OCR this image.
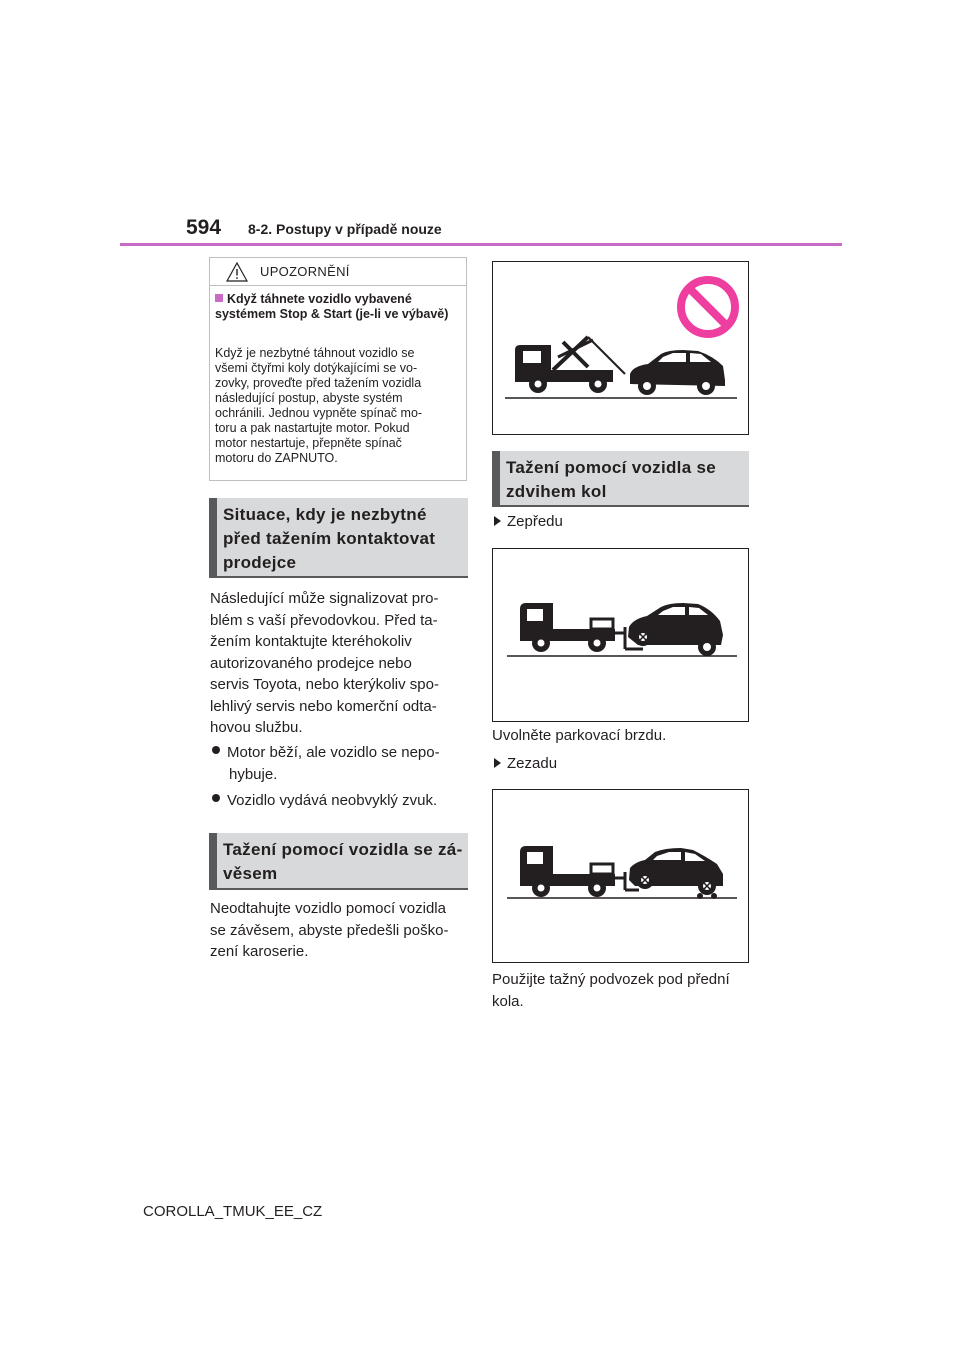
594 8-2. Postupy v případě nouze
UPOZORNĚNÍ
Když táhnete vozidlo vybavené systémem Stop & Start (je-li ve výbavě)
Když je nezbytné táhnout vozidlo se
všemi čtyřmi koly dotýkajícími se vo-
zovky, proveďte před tažením vozidla
následující postup, abyste systém
ochránili. Jednou vypněte spínač mo-
toru a pak nastartujte motor. Pokud
motor nestartuje, přepněte spínač
motoru do ZAPNUTO.
Situace, kdy je nezbytné
před tažením kontaktovat
prodejce
Následující může signalizovat pro-
blém s vaší převodovkou. Před ta-
žením kontaktujte kteréhokoliv
autorizovaného prodejce nebo
servis Toyota, nebo kterýkoliv spo-
lehlivý servis nebo komerční odta-
hovou službu.
Motor běží, ale vozidlo se nepo-
hybuje.
Vozidlo vydává neobvyklý zvuk.
Tažení pomocí vozidla se zá-
věsem
Neodtahujte vozidlo pomocí vozidla
se závěsem, abyste předešli poško-
zení karoserie.
Tažení pomocí vozidla se
zdvihem kol
Zepředu
Uvolněte parkovací brzdu.
Zezadu
Použijte tažný podvozek pod přední
kola.
COROLLA_TMUK_EE_CZ
